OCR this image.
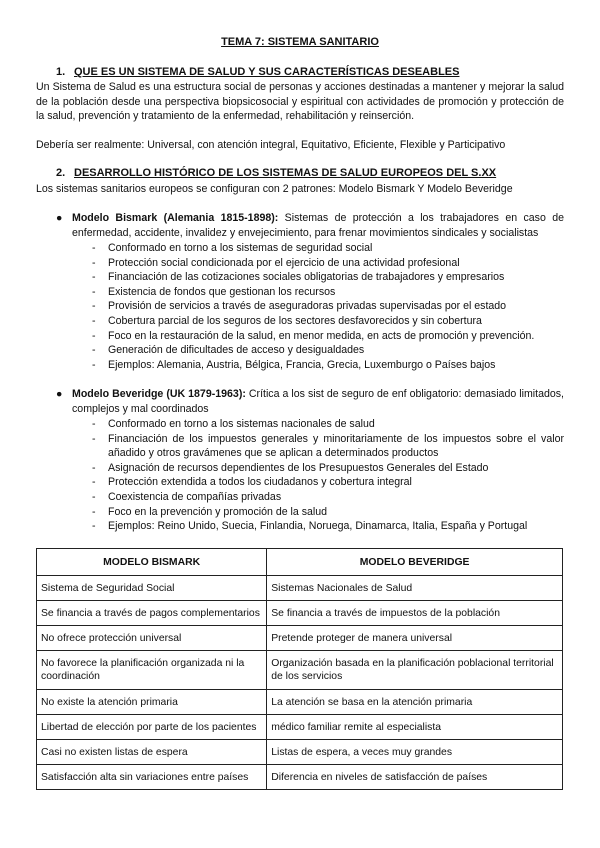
TEMA 7: SISTEMA SANITARIO
1. QUE ES UN SISTEMA DE SALUD Y SUS CARACTERÍSTICAS DESEABLES
Un Sistema de Salud es una estructura social de personas y acciones destinadas a mantener y mejorar la salud de la población desde una perspectiva biopsicosocial y espiritual con actividades de promoción y protección de la salud, prevención y tratamiento de la enfermedad, rehabilitación y reinserción.
Debería ser realmente: Universal, con atención integral, Equitativo, Eficiente, Flexible y Participativo
2. DESARROLLO HISTÓRICO DE LOS SISTEMAS DE SALUD EUROPEOS DEL S.XX
Los sistemas sanitarios europeos se configuran con 2 patrones: Modelo Bismark Y Modelo Beveridge
● Modelo Bismark (Alemania 1815-1898): Sistemas de protección a los trabajadores en caso de enfermedad, accidente, invalidez y envejecimiento, para frenar movimientos sindicales y socialistas
- Conformado en torno a los sistemas de seguridad social
- Protección social condicionada por el ejercicio de una actividad profesional
- Financiación de las cotizaciones sociales obligatorias de trabajadores y empresarios
- Existencia de fondos que gestionan los recursos
- Provisión de servicios a través de aseguradoras privadas supervisadas por el estado
- Cobertura parcial de los seguros de los sectores desfavorecidos y sin cobertura
- Foco en la restauración de la salud, en menor medida, en acts de promoción y prevención.
- Generación de dificultades de acceso y desigualdades
- Ejemplos: Alemania, Austria, Bélgica, Francia, Grecia, Luxemburgo o Países bajos
● Modelo Beveridge (UK 1879-1963): Crítica a los sist de seguro de enf obligatorio: demasiado limitados, complejos y mal coordinados
- Conformado en torno a los sistemas nacionales de salud
- Financiación de los impuestos generales y minoritariamente de los impuestos sobre el valor añadido y otros gravámenes que se aplican a determinados productos
- Asignación de recursos dependientes de los Presupuestos Generales del Estado
- Protección extendida a todos los ciudadanos y cobertura integral
- Coexistencia de compañías privadas
- Foco en la prevención y promoción de la salud
- Ejemplos: Reino Unido, Suecia, Finlandia, Noruega, Dinamarca, Italia, España y Portugal
MODELO BISMARK	MODELO BEVERIDGE
Sistema de Seguridad Social	Sistemas Nacionales de Salud
Se financia a través de pagos complementarios	Se financia a través de impuestos de la población
No ofrece protección universal	Pretende proteger de manera universal
No favorece la planificación organizada ni la coordinación	Organización basada en la planificación poblacional territorial de los servicios
No existe la atención primaria	La atención se basa en la atención primaria
Libertad de elección por parte de los pacientes	médico familiar remite al especialista
Casi no existen listas de espera	Listas de espera, a veces muy grandes
Satisfacción alta sin variaciones entre países	Diferencia en niveles de satisfacción de países
